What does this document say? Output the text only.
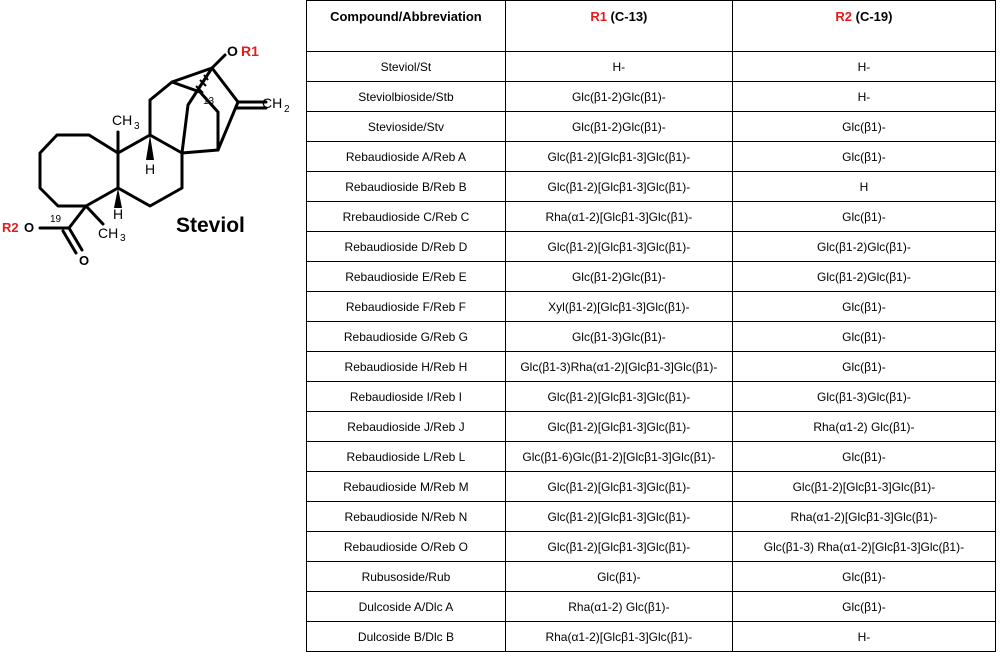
O R1
13	CH 2
CH 3
H
H
CH 3
19
R2 O
O
Steviol
Compound/Abbreviation	R1 (C-13)	R2 (C-19)
Steviol/St	H-	H-
Steviolbioside/Stb	Glc(β1-2)Glc(β1)-	H-
Stevioside/Stv	Glc(β1-2)Glc(β1)-	Glc(β1)-
Rebaudioside A/Reb A	Glc(β1-2)[Glcβ1-3]Glc(β1)-	Glc(β1)-
Rebaudioside B/Reb B	Glc(β1-2)[Glcβ1-3]Glc(β1)-	H
Rrebaudioside C/Reb C	Rha(α1-2)[Glcβ1-3]Glc(β1)-	Glc(β1)-
Rebaudioside D/Reb D	Glc(β1-2)[Glcβ1-3]Glc(β1)-	Glc(β1-2)Glc(β1)-
Rebaudioside E/Reb E	Glc(β1-2)Glc(β1)-	Glc(β1-2)Glc(β1)-
Rebaudioside F/Reb F	Xyl(β1-2)[Glcβ1-3]Glc(β1)-	Glc(β1)-
Rebaudioside G/Reb G	Glc(β1-3)Glc(β1)-	Glc(β1)-
Rebaudioside H/Reb H	Glc(β1-3)Rha(α1-2)[Glcβ1-3]Glc(β1)-	Glc(β1)-
Rebaudioside I/Reb I	Glc(β1-2)[Glcβ1-3]Glc(β1)-	Glc(β1-3)Glc(β1)-
Rebaudioside J/Reb J	Glc(β1-2)[Glcβ1-3]Glc(β1)-	Rha(α1-2) Glc(β1)-
Rebaudioside L/Reb L	Glc(β1-6)Glc(β1-2)[Glcβ1-3]Glc(β1)-	Glc(β1)-
Rebaudioside M/Reb M	Glc(β1-2)[Glcβ1-3]Glc(β1)-	Glc(β1-2)[Glcβ1-3]Glc(β1)-
Rebaudioside N/Reb N	Glc(β1-2)[Glcβ1-3]Glc(β1)-	Rha(α1-2)[Glcβ1-3]Glc(β1)-
Rebaudioside O/Reb O	Glc(β1-2)[Glcβ1-3]Glc(β1)-	Glc(β1-3) Rha(α1-2)[Glcβ1-3]Glc(β1)-
Rubusoside/Rub	Glc(β1)-	Glc(β1)-
Dulcoside A/Dlc A	Rha(α1-2) Glc(β1)-	Glc(β1)-
Dulcoside B/Dlc B	Rha(α1-2)[Glcβ1-3]Glc(β1)-	H-
